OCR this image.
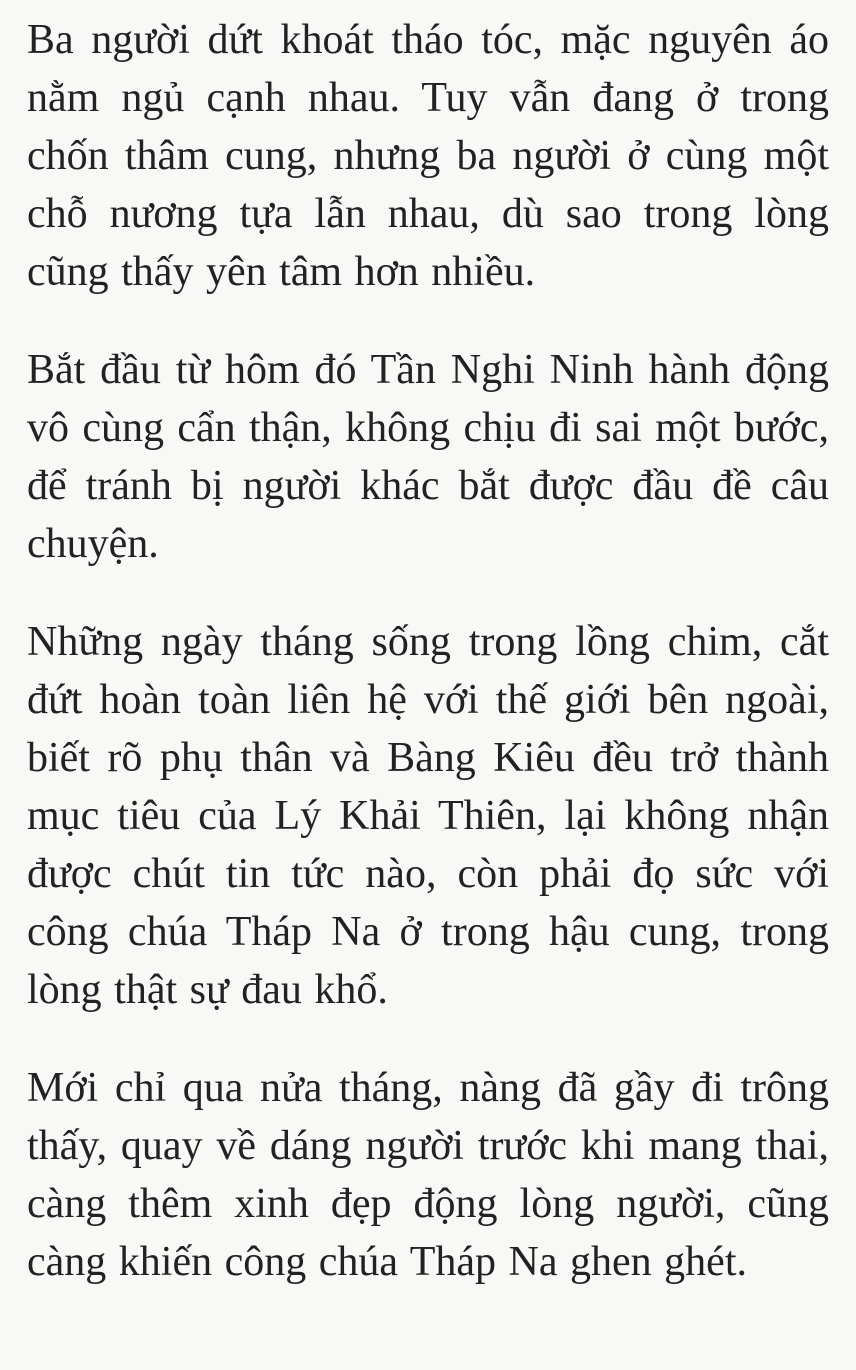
Ba người dứt khoát tháo tóc, mặc nguyên áo nằm ngủ cạnh nhau. Tuy vẫn đang ở trong chốn thâm cung, nhưng ba người ở cùng một chỗ nương tựa lẫn nhau, dù sao trong lòng cũng thấy yên tâm hơn nhiều.

Bắt đầu từ hôm đó Tần Nghi Ninh hành động vô cùng cẩn thận, không chịu đi sai một bước, để tránh bị người khác bắt được đầu đề câu chuyện.

Những ngày tháng sống trong lồng chim, cắt đứt hoàn toàn liên hệ với thế giới bên ngoài, biết rõ phụ thân và Bàng Kiêu đều trở thành mục tiêu của Lý Khải Thiên, lại không nhận được chút tin tức nào, còn phải đọ sức với công chúa Tháp Na ở trong hậu cung, trong lòng thật sự đau khổ.

Mới chỉ qua nửa tháng, nàng đã gầy đi trông thấy, quay về dáng người trước khi mang thai, càng thêm xinh đẹp động lòng người, cũng càng khiến công chúa Tháp Na ghen ghét.
